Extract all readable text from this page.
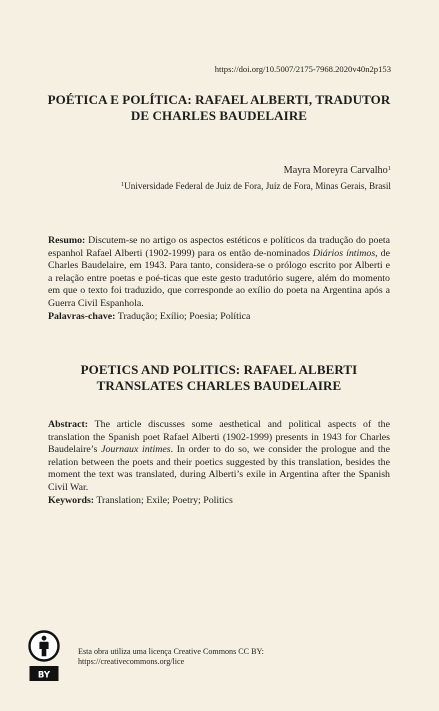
https://doi.org/10.5007/2175-7968.2020v40n2p153
POÉTICA E POLÍTICA: RAFAEL ALBERTI, TRADUTOR
DE CHARLES BAUDELAIRE
Mayra Moreyra Carvalho$^1$
$^1$Universidade Federal de Juiz de Fora, Juíz de Fora, Minas Gerais, Brasil

Resumo: Discutem-se no artigo os aspectos estéticos e políticos da tradução do poeta espanhol Rafael Alberti (1902-1999) para os então de-nominados Diários íntimos, de Charles Baudelaire, em 1943. Para tanto, considera-se o prólogo escrito por Alberti e a relação entre poetas e poé-ticas que este gesto tradutório sugere, além do momento em que o texto foi traduzido, que corresponde ao exílio do poeta na Argentina após a Guerra Civil Espanhola.

Palavras-chave: Tradução; Exílio; Poesia; Política

POETICS AND POLITICS: RAFAEL ALBERTI
TRANSLATES CHARLES BAUDELAIRE

Abstract: The article discusses some aesthetical and political aspects of the translation the Spanish poet Rafael Alberti (1902-1999) presents in 1943 for Charles Baudelaire’s Journaux intimes. In order to do so, we consider the prologue and the relation between the poets and their poetics suggested by this translation, besides the moment the text was translated, during Alberti’s exile in Argentina after the Spanish Civil War.

Keywords: Translation; Exile; Poetry; Politics

BY
Esta obra utiliza uma licença Creative Commons CC BY:
https://creativecommons.org/lice
